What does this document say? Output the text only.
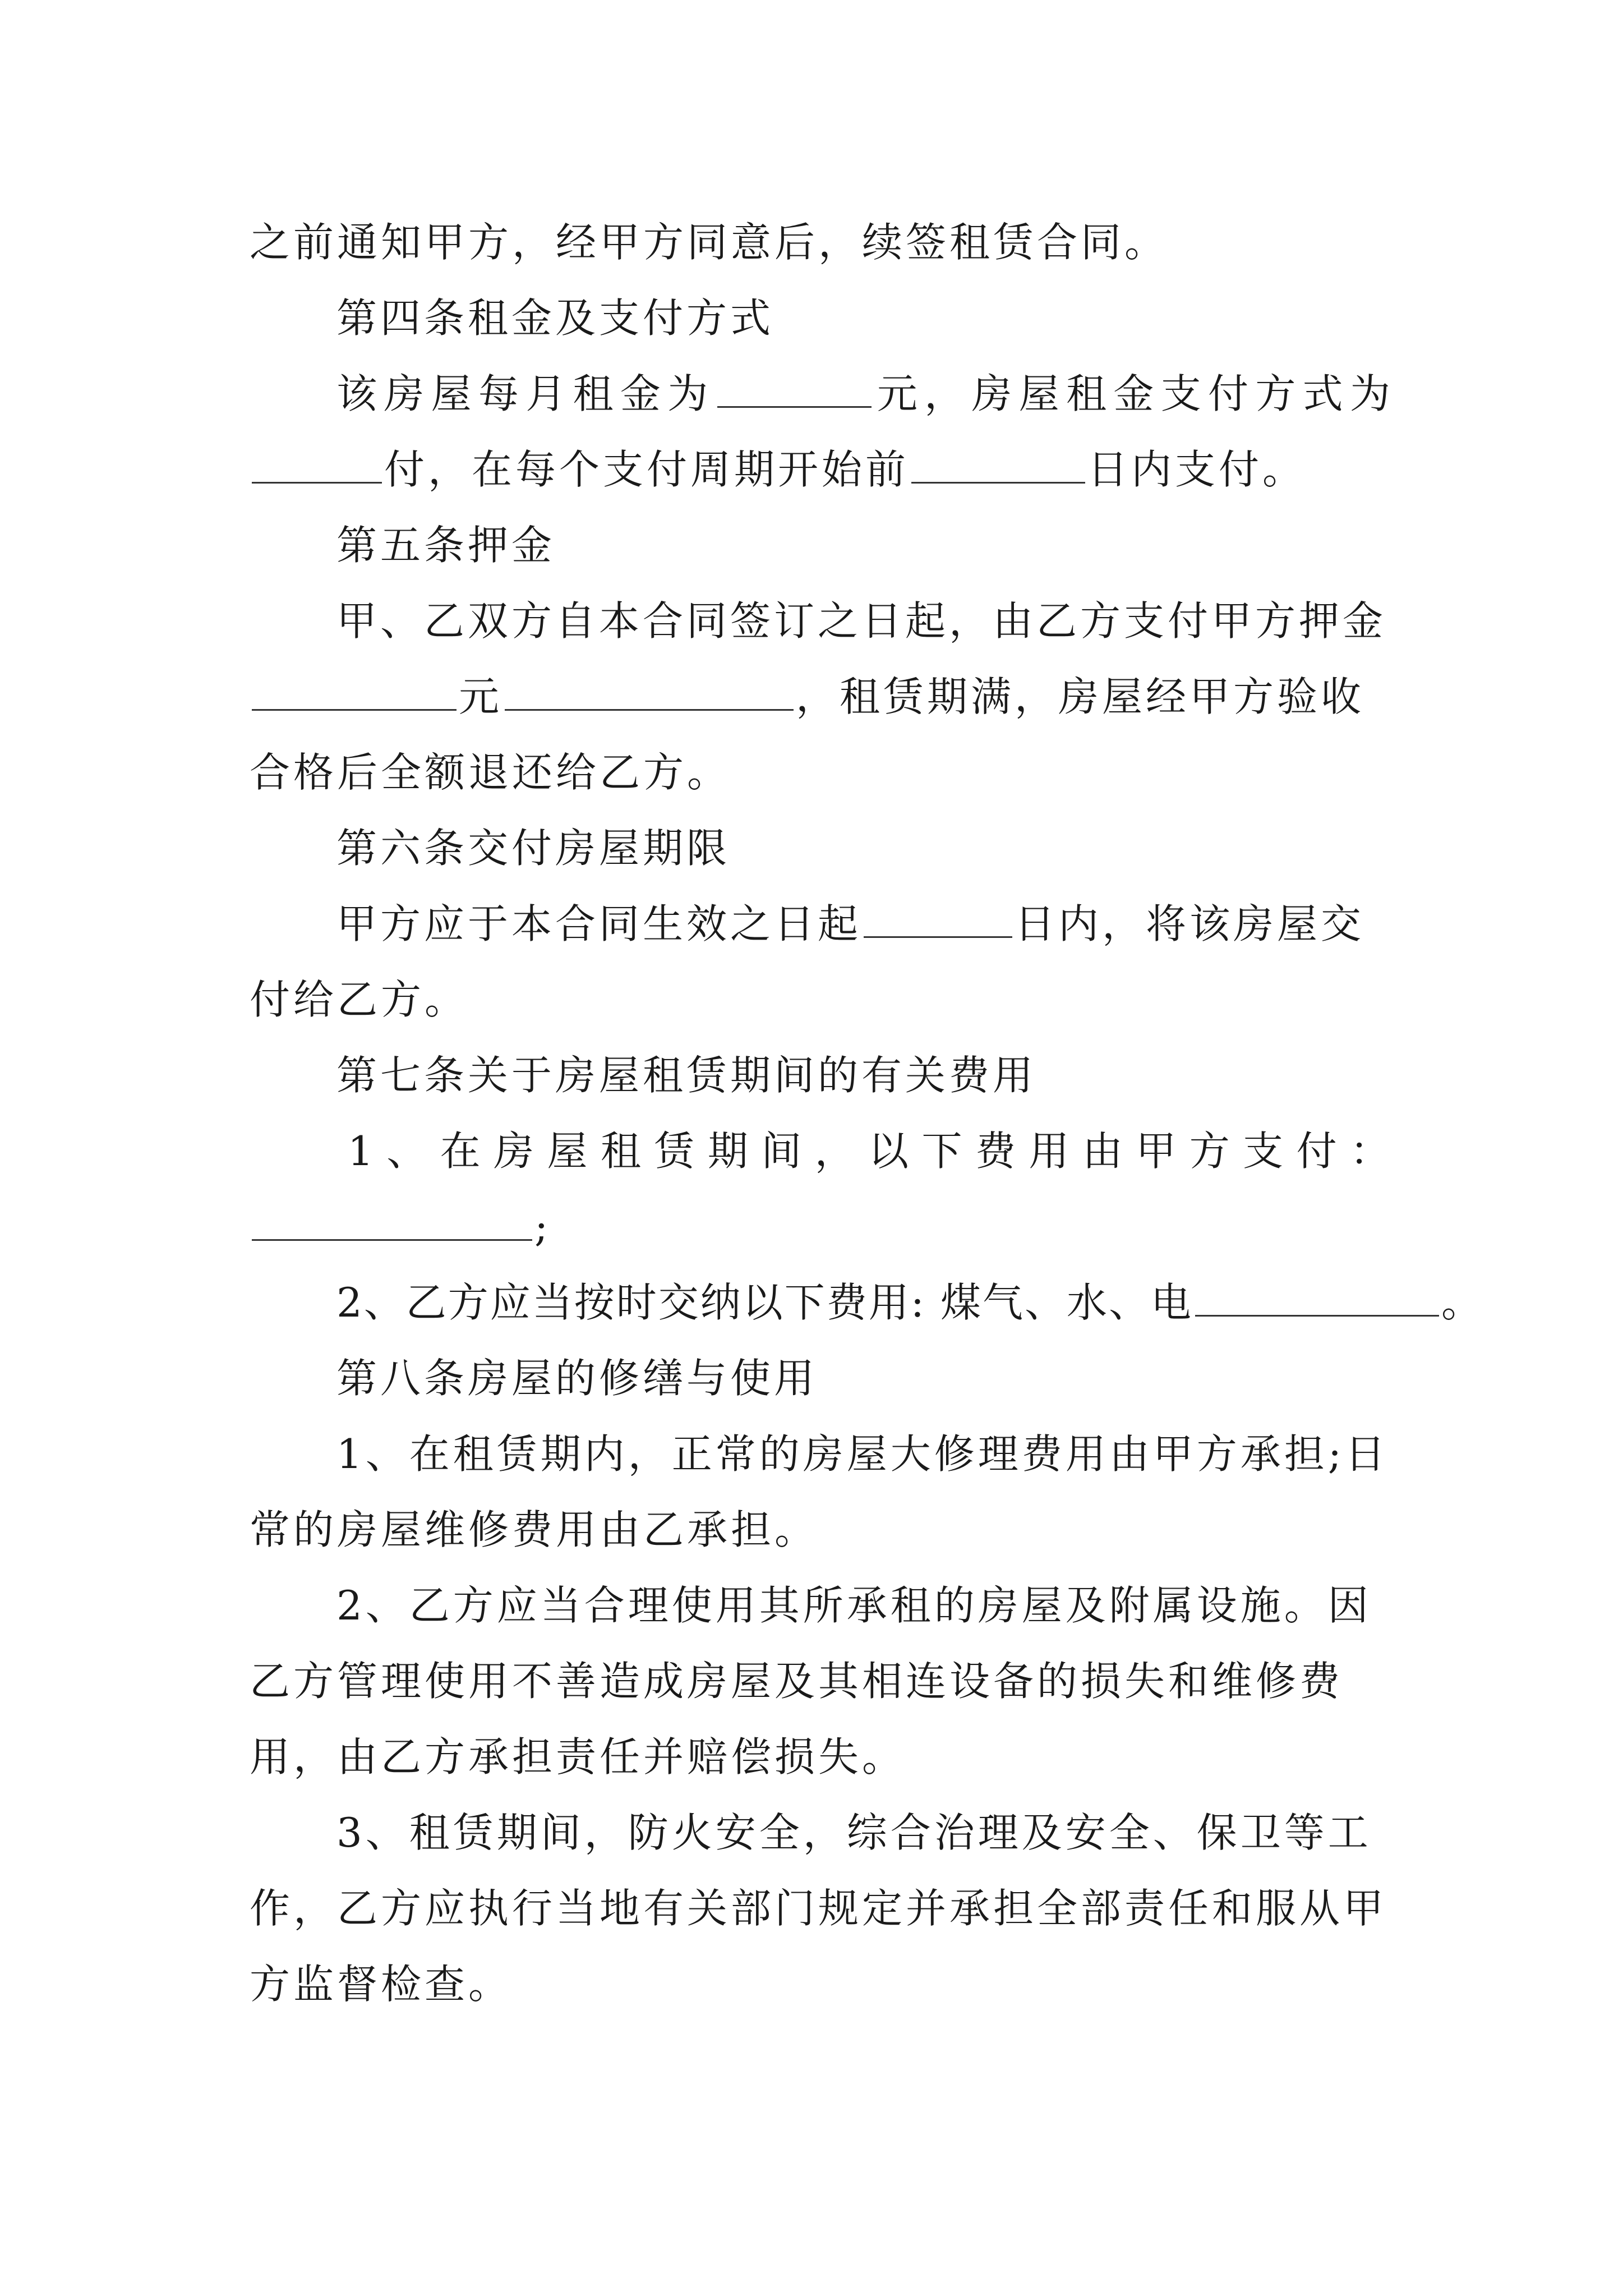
之前通知甲方，经甲方同意后，续签租赁合同。
第四条租金及支付方式
该房屋每月租金为	元，房屋租金支付方式为
付，在每个支付周期开始前	日内支付。
第五条押金
甲、乙双方自本合同签订之日起，由乙方支付甲方押金
元	，租赁期满，房屋经甲方验收
合格后全额退还给乙方。
第六条交付房屋期限
甲方应于本合同生效之日起	日内，将该房屋交
付给乙方。
第七条关于房屋租赁期间的有关费用
1、在房屋租赁期间，以下费用由甲方支付：
;
2、乙方应当按时交纳以下费用: 煤气、水、电	。
第八条房屋的修缮与使用
1、在租赁期内，正常的房屋大修理费用由甲方承担;日
常的房屋维修费用由乙承担。
2、乙方应当合理使用其所承租的房屋及附属设施。因
乙方管理使用不善造成房屋及其相连设备的损失和维修费
用，由乙方承担责任并赔偿损失。
3、租赁期间，防火安全，综合治理及安全、保卫等工
作，乙方应执行当地有关部门规定并承担全部责任和服从甲
方监督检查。
